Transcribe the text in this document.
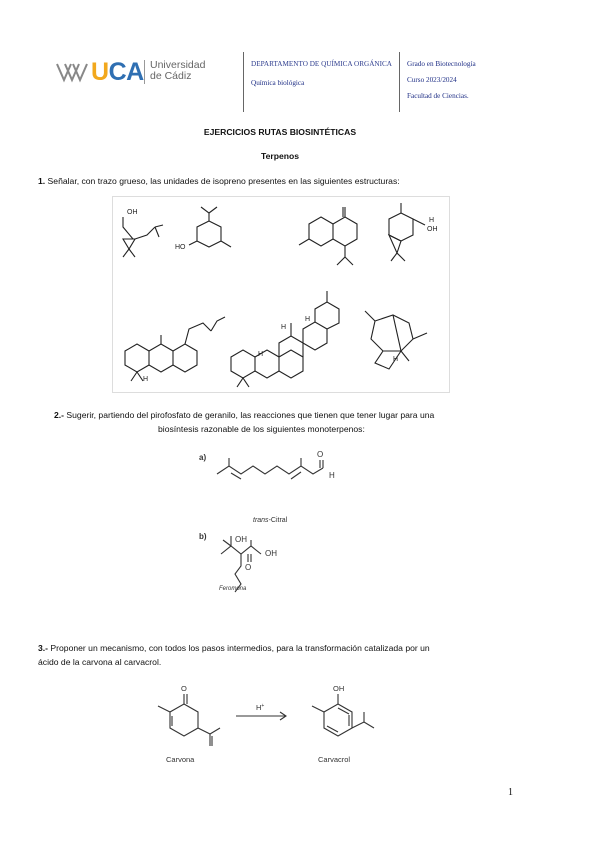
UCA Universidad
de Cádiz
DEPARTAMENTO DE QUÍMICA ORGÁNICA
Química biológica
Grado en Biotecnología
Curso 2023/2024
Facultad de Ciencias.
EJERCICIOS RUTAS BIOSINTÉTICAS
Terpenos
1. Señalar, con trazo grueso, las unidades de isopreno presentes en las siguientes estructuras:
OH
HO
H
OH
H
H
H
H
H
2.- Sugerir, partiendo del pirofosfato de geranilo, las reacciones que tienen que tener lugar para una
biosíntesis razonable de los siguientes monoterpenos:
a)	O
H
trans-Citral
b)	OH
OH
O
Feromona
3.- Proponer un mecanismo, con todos los pasos intermedios, para la transformación catalizada por un
ácido de la carvona al carvacrol.
O
H+
OH
Carvona	Carvacrol
1
